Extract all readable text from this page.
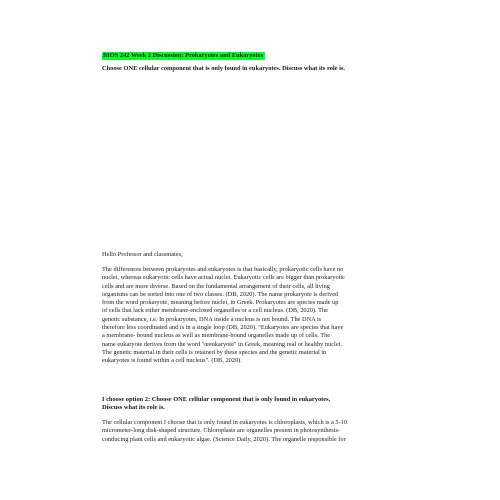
BIOS 242 Week 2 Discussion: Prokaryotes and Eukaryotes
Choose ONE cellular component that is only found in eukaryotes. Discuss what its role is.
Hello Professor and classmates,
The differences between prokaryotes and eukaryotes is that basically, prokaryotic cells have no
nuclei, whereas eukaryotic cells have actual nuclei. Eukaryotic cells are bigger than prokaryotic
cells and are more diverse. Based on the fundamental arrangement of their cells, all living
organisms can be sorted into one of two classes. (DB, 2020). The name prokaryote is derived
from the word prokaryote, meaning before nuclei, in Greek. Prokaryotes are species made up
of cells that lack either membrane-enclosed organelles or a cell nucleus. (DB, 2020). The
genetic substance, i.e. In prokaryotes, DNA inside a nucleus is not bound. The DNA is
therefore less coordinated and is in a single loop (DB, 2020). "Eukaryotes are species that have
a membrane- bound nucleus as well as membrane-bound organelles made up of cells. The
name eukaryote derives from the word "œeukaryote" in Greek, meaning real or healthy nuclei.
The genetic material in their cells is retained by these species and the genetic material in
eukaryotes is found within a cell nucleus". (DB, 2020).
I choose option 2: Choose ONE cellular component that is only found in eukaryotes.
Discuss what its role is.
The cellular component I choose that is only found in eukaryotes is chloroplasts, which is a 5-10
micrometer-long disk-shaped structure. Chloroplasts are organelles present in photosynthesis-
conducing plant cells and eukaryotic algae. (Science Daily, 2020). The organelle responsible for
